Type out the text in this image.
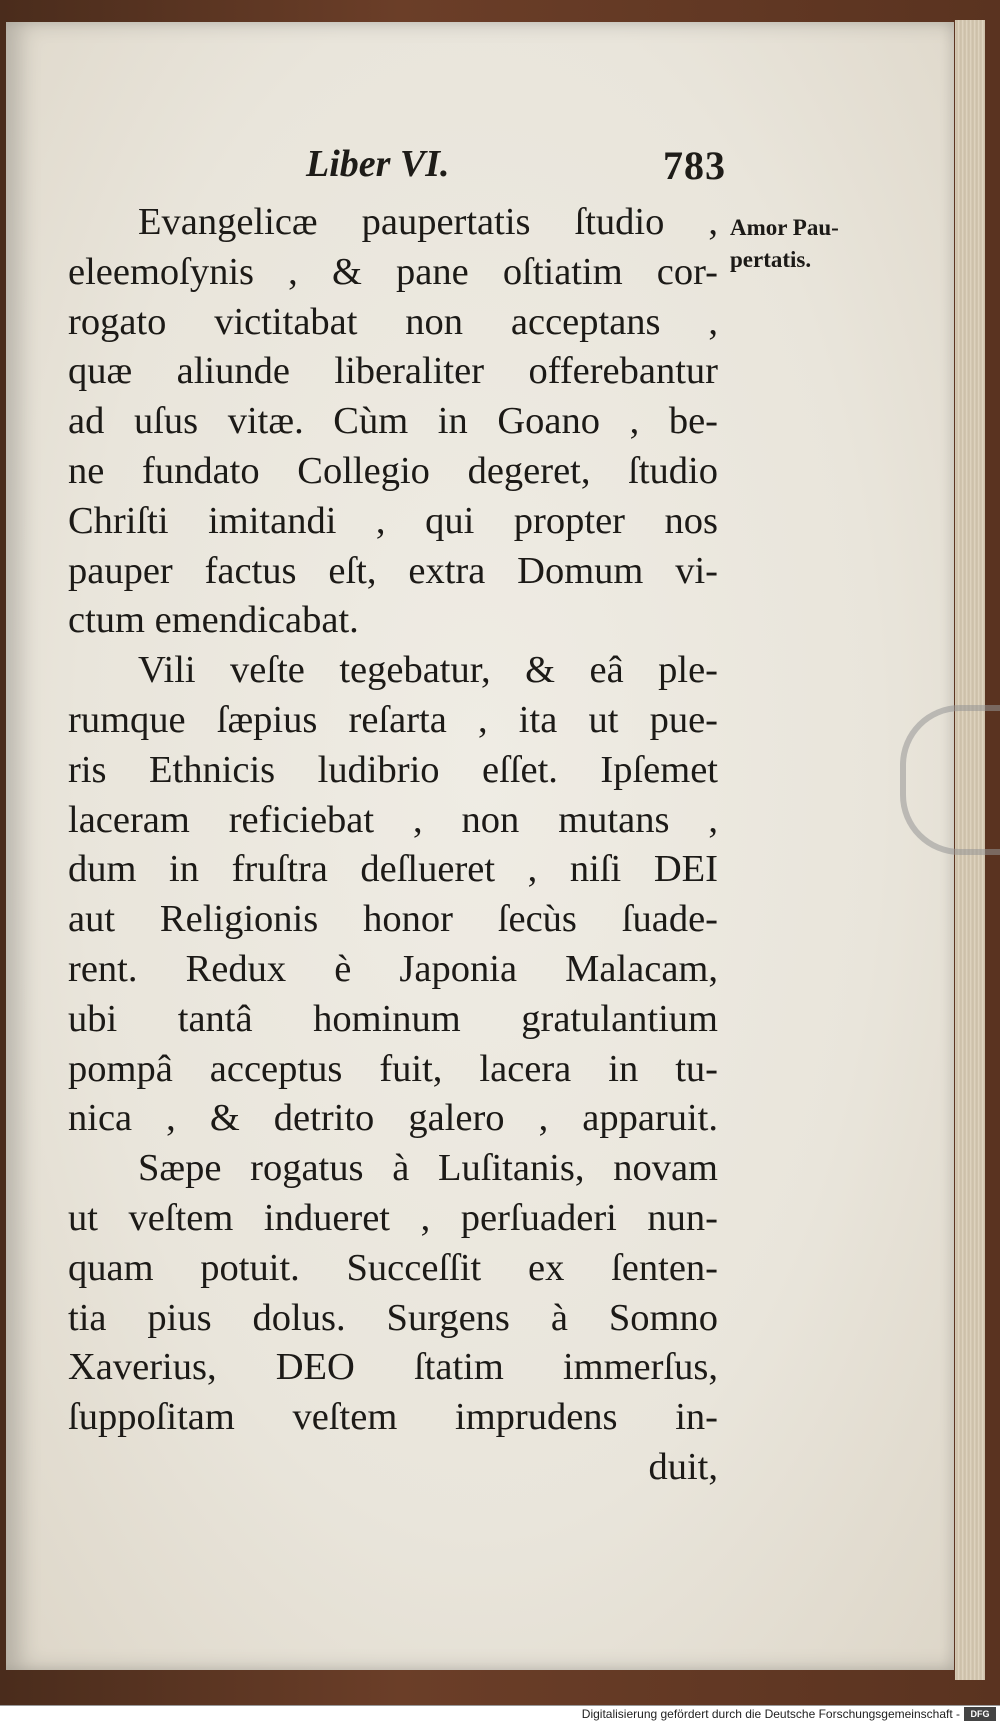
Liber VI.	783
Evangelicæ paupertatis ſtudio ,
eleemoſynis , & pane oſtiatim cor-
rogato victitabat non acceptans ,
quæ aliunde liberaliter offerebantur
ad uſus vitæ. Cùm in Goano , be-
ne fundato Collegio degeret, ſtudio
Chriſti imitandi , qui propter nos
pauper factus eſt, extra Domum vi-
ctum emendicabat.
Vili veſte tegebatur, & eâ ple-
rumque ſæpius reſarta , ita ut pue-
ris Ethnicis ludibrio eſſet. Ipſemet
laceram reficiebat , non mutans ,
dum in fruſtra deſlueret , niſi DEI
aut Religionis honor ſecùs ſuade-
rent. Redux è Japonia Malacam,
ubi tantâ hominum gratulantium
pompâ acceptus fuit, lacera in tu-
nica , & detrito galero , apparuit.
Sæpe rogatus à Luſitanis, novam
ut veſtem indueret , perſuaderi nun-
quam potuit. Succeſſit ex ſenten-
tia pius dolus. Surgens à Somno
Xaverius, DEO ſtatim immerſus,
ſuppoſitam veſtem imprudens in-
duit,
Amor Pau-
pertatis.
Digitalisierung gefördert durch die Deutsche Forschungsgemeinschaft -	DFG
